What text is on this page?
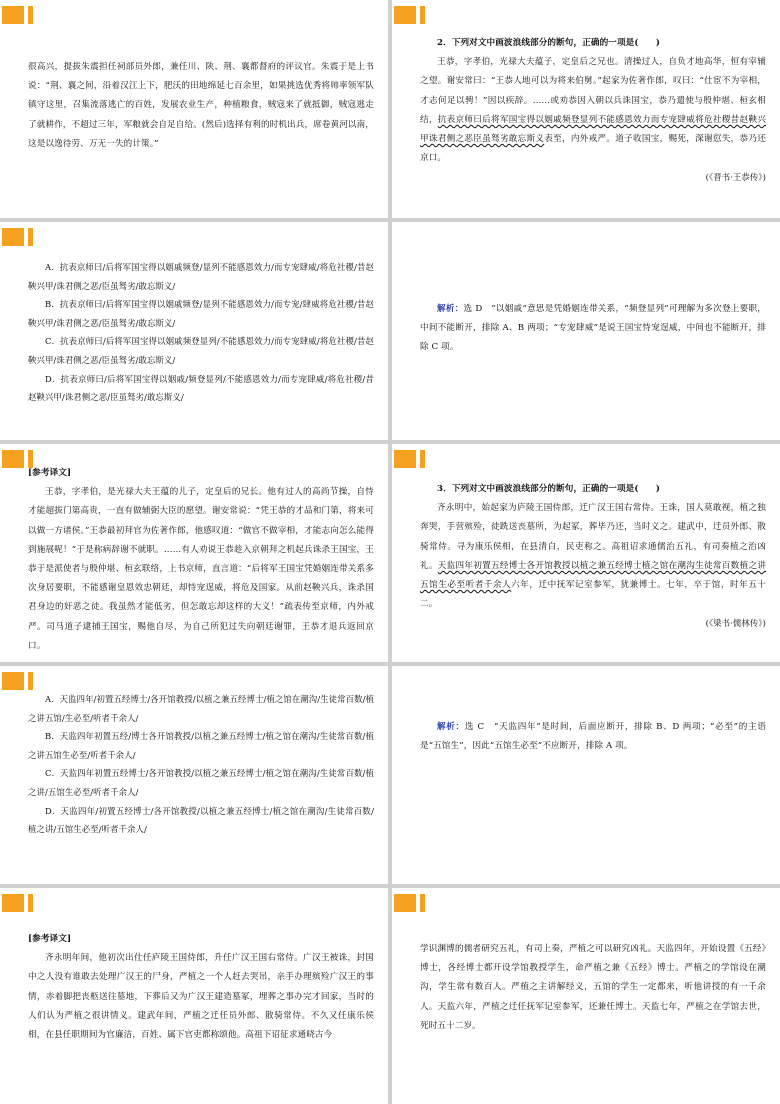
很高兴，提拔朱震担任祠部员外郎，兼任川、陕、荆、襄都督府的评议官。朱震于是上书说：“荆、襄之间，沿着汉江上下，肥沃的田地绵延七百余里，如果挑选优秀将帅率领军队镇守这里，召集流落逃亡的百姓，发展农业生产，种植粮食，贼寇来了就抵御，贼寇逃走了就耕作，不超过三年，军粮就会自足自给。(然后)选择有利的时机出兵，席卷黄河以南，这是以逸待劳、万无一失的计策。”

2．下列对文中画波浪线部分的断句，正确的一项是(　　)

王恭，字孝伯，光禄大夫蕴子，定皇后之兄也。清操过人，自负才地高华，恒有宰辅之望。谢安常曰：“王恭人地可以为将来伯舅。”起家为佐著作郎，叹曰：“仕宦不为宰相，才志何足以骋！”因以疾辞。……或劝恭因入朝以兵诛国宝，恭乃遣使与殷仲堪、桓玄相结，抗表京师曰后将军国宝得以姻戚频登显列不能感恩效力而专宠肆威将危社稷昔赵鞅兴甲诛君侧之恶臣虽驽劣敢忘斯义表至，内外戒严。道子收国宝，赐死，深谢愆失，恭乃还京口。

(《晋书·王恭传》)

A．抗表京师曰/后将军国宝得以姻戚频登/显列不能感恩效力/而专宠肆威/将危社稷/昔赵鞅兴甲/诛君侧之恶/臣虽驽劣/敢忘斯义/

B．抗表京师曰/后将军国宝得以姻戚频登/显列不能感恩效力/而专宠/肆威将危社稷/昔赵鞅兴甲/诛君侧之恶/臣虽驽劣/敢忘斯义/

C．抗表京师曰/后将军国宝得以姻戚频登显列/不能感恩效力/而专宠肆威/将危社稷/昔赵鞅兴甲/诛君侧之恶/臣虽驽劣/敢忘斯义/

D．抗表京师曰/后将军国宝得以姻戚/频登显列/不能感恩效力/而专宠肆威/将危社稷/昔赵鞅兴甲/诛君侧之恶/臣虽驽劣/敢忘斯义/

解析：选 D　“以姻戚”意思是凭婚姻连带关系，“频登显列”可理解为多次登上要职，中间不能断开，排除 A、B 两项；“专宠肆威”是说王国宝恃宠逞威，中间也不能断开，排除 C 项。

[参考译文]

王恭，字孝伯，是光禄大夫王蕴的儿子，定皇后的兄长。他有过人的高尚节操，自恃才能超拔门第高贵，一直有做辅弼大臣的愿望。谢安常说：“凭王恭的才品和门第，将来可以做一方诸侯。”王恭最初拜官为佐著作郎，他感叹道：“做官不做宰相，才能志向怎么能得到施展呢！”于是称病辞谢不就职。……有人劝说王恭趁入京朝拜之机起兵诛杀王国宝，王恭于是派使者与殷仲堪、桓玄联络，上书京师，直言道：“后将军王国宝凭婚姻连带关系多次身居要职，不能感谢皇恩效忠朝廷，却恃宠逞威，将危及国家。从前赵鞅兴兵，诛杀国君身边的奸恶之徒。我虽然才能低劣，但怎敢忘却这样的大义！”疏表传至京师，内外戒严。司马道子逮捕王国宝，赐他自尽，为自己所犯过失向朝廷谢罪，王恭才退兵返回京口。

3．下列对文中画波浪线部分的断句，正确的一项是(　　)

齐永明中，始起家为庐陵王国侍郎，迁广汉王国右常侍。王诛，国人莫敢视，植之独奔哭，手营殡殓，徒跣送丧墓所，为起冢，葬毕乃还，当时义之。建武中，迁员外郎、散骑常侍。寻为康乐侯相，在县清白，民吏称之。高祖诏求通儒治五礼，有司奏植之治凶礼。天监四年初置五经博士各开馆教授以植之兼五经博士植之馆在潮沟生徒常百数植之讲五馆生必至听者千余人六年，迁中抚军记室参军，犹兼博士。七年，卒于馆，时年五十二。

(《梁书·儒林传》)

A．天监四年/初置五经博士/各开馆教授/以植之兼五经博士/植之馆在潮沟/生徒常百数/植之讲五馆/生必至/听者千余人/

B．天监四年初置五经/博士各开馆教授/以植之兼五经博士/植之馆在潮沟/生徒常百数/植之讲五馆生必至/听者千余人/

C．天监四年初置五经博士/各开馆教授/以植之兼五经博士/植之馆在潮沟/生徒常百数/植之讲/五馆生必至/听者千余人/

D．天监四年/初置五经博士/各开馆教授/以植之兼五经博士/植之馆在潮沟/生徒常百数/植之讲/五馆生必至/听者千余人/

解析：选 C　“天监四年”是时间，后面应断开，排除 B、D 两项；“必至”的主语是“五馆生”，因此“五馆生必至”不应断开，排除 A 项。

[参考译文]

齐永明年间，他初次出仕任庐陵王国侍郎，升任广汉王国右常侍。广汉王被诛，封国中之人没有谁敢去处理广汉王的尸身，严植之一个人赶去哭吊，亲手办理殡殓广汉王的事情，赤着脚把丧柩送往墓地，下葬后又为广汉王建造墓冢，埋葬之事办完才回家，当时的人们认为严植之很讲情义。建武年间，严植之迁任员外郎、散骑常侍。不久又任康乐侯相，在县任职期间为官廉洁，百姓、属下官吏都称颂他。高祖下诏征求通晓古今

学识渊博的儒者研究五礼，有司上奏，严植之可以研究凶礼。天监四年，开始设置《五经》博士，各经博士都开设学馆教授学生，命严植之兼《五经》博士。严植之的学馆设在潮沟，学生常有数百人。严植之主讲解经义，五馆的学生一定都来，听他讲授的有一千余人。天监六年，严植之迁任抚军记室参军，还兼任博士。天监七年，严植之在学馆去世，死时五十二岁。
